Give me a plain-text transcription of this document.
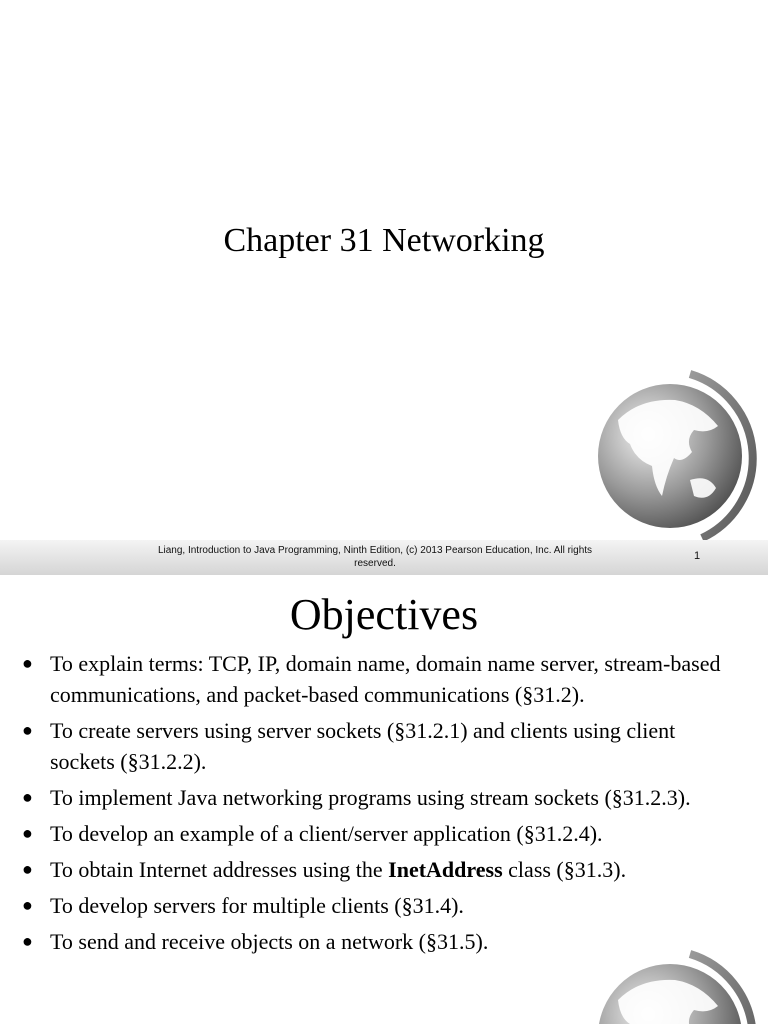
Chapter 31 Networking
Liang, Introduction to Java Programming, Ninth Edition, (c) 2013 Pearson Education, Inc. All rights reserved.
1
Objectives
● To explain terms: TCP, IP, domain name, domain name server, stream-based communications, and packet-based communications (§31.2).
● To create servers using server sockets (§31.2.1) and clients using client sockets (§31.2.2).
● To implement Java networking programs using stream sockets (§31.2.3).
● To develop an example of a client/server application (§31.2.4).
● To obtain Internet addresses using the InetAddress class (§31.3).
● To develop servers for multiple clients (§31.4).
● To send and receive objects on a network (§31.5).
